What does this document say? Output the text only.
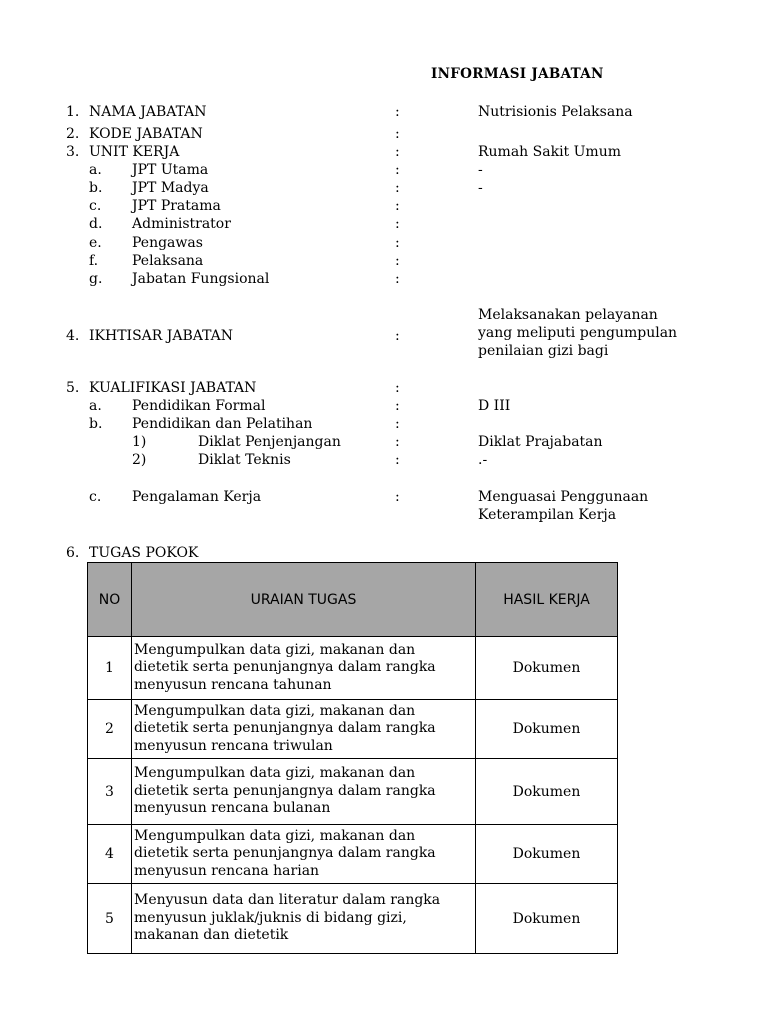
INFORMASI JABATAN
1. NAMA JABATAN	:	Nutrisionis Pelaksana
2. KODE JABATAN	:
3. UNIT KERJA	:	Rumah Sakit Umum
a. JPT Utama	:	-
b. JPT Madya	:	-
c. JPT Pratama	:
d. Administrator	:
e. Pengawas	:
f. Pelaksana	:
g. Jabatan Fungsional	:
4. IKHTISAR JABATAN	:
Melaksanakan pelayanan
yang meliputi pengumpulan
penilaian gizi bagi
5. KUALIFIKASI JABATAN	:
a. Pendidikan Formal	:	D III
b. Pendidikan dan Pelatihan	:
1)	Diklat Penjenjangan	:	Diklat Prajabatan
2)	Diklat Teknis	:	.-
c. Pengalaman Kerja	:	Menguasai Penggunaan
Keterampilan Kerja
6. TUGAS POKOK
NO	URAIAN TUGAS	HASIL KERJA
1	Mengumpulkan data gizi, makanan dan
dietetik serta penunjangnya dalam rangka
menyusun rencana tahunan	Dokumen
2	Mengumpulkan data gizi, makanan dan
dietetik serta penunjangnya dalam rangka
menyusun rencana triwulan	Dokumen
3	Mengumpulkan data gizi, makanan dan
dietetik serta penunjangnya dalam rangka
menyusun rencana bulanan	Dokumen
4	Mengumpulkan data gizi, makanan dan
dietetik serta penunjangnya dalam rangka
menyusun rencana harian	Dokumen
5	Menyusun data dan literatur dalam rangka
menyusun juklak/juknis di bidang gizi,
makanan dan dietetik	Dokumen
